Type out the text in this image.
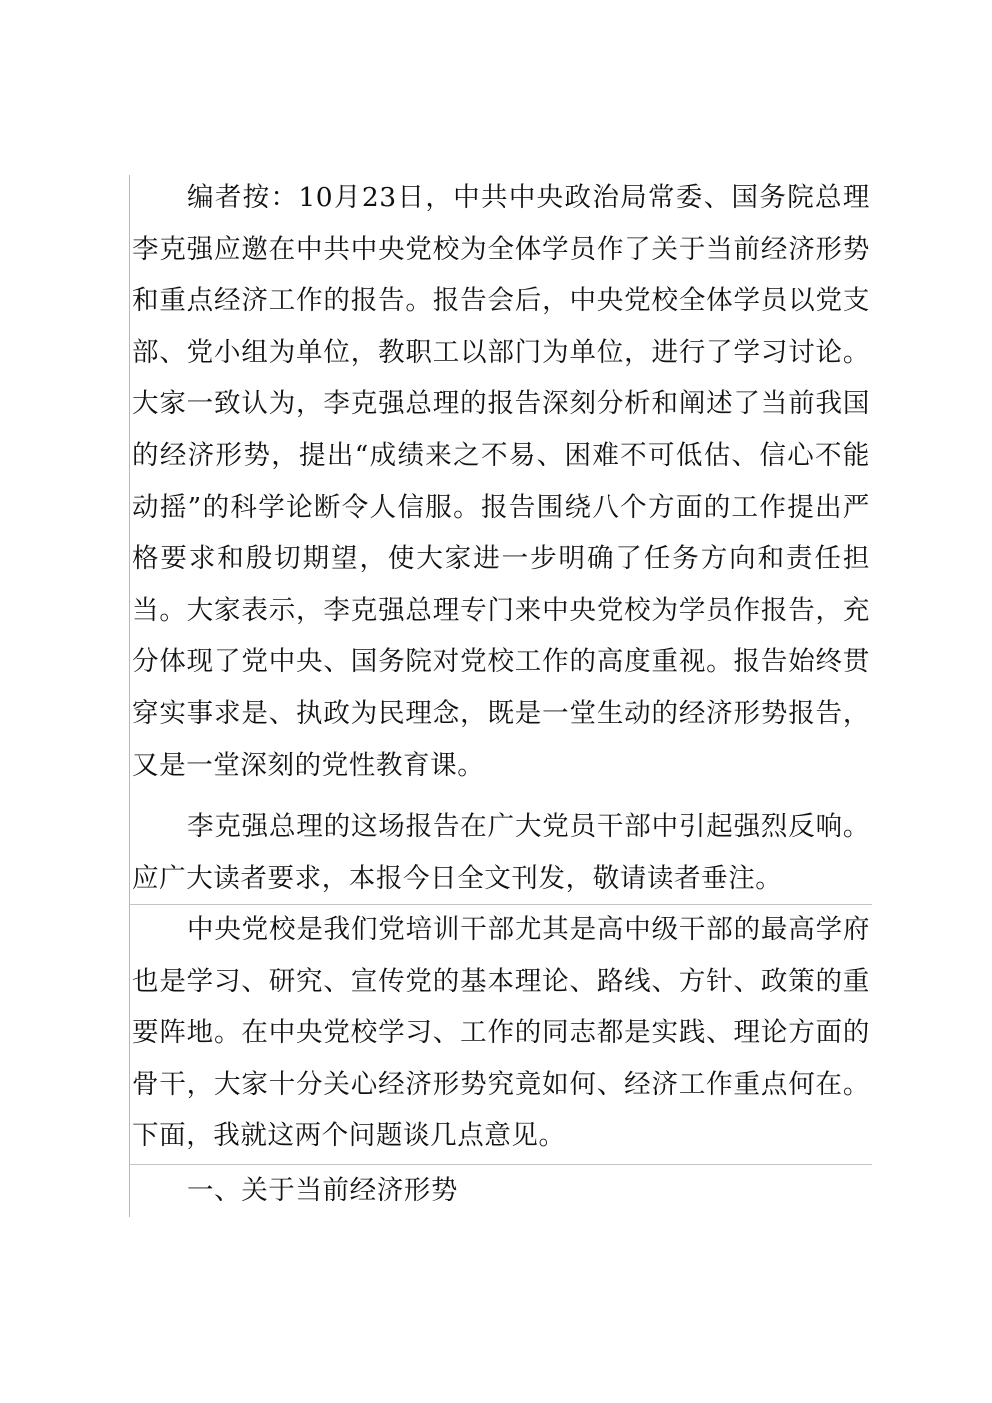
编者按：10月23日，中共中央政治局常委、国务院总理李克强应邀在中共中央党校为全体学员作了关于当前经济形势和重点经济工作的报告。报告会后，中央党校全体学员以党支部、党小组为单位，教职工以部门为单位，进行了学习讨论。大家一致认为，李克强总理的报告深刻分析和阐述了当前我国的经济形势，提出“成绩来之不易、困难不可低估、信心不能动摇”的科学论断令人信服。报告围绕八个方面的工作提出严格要求和殷切期望，使大家进一步明确了任务方向和责任担当。大家表示，李克强总理专门来中央党校为学员作报告，充分体现了党中央、国务院对党校工作的高度重视。报告始终贯穿实事求是、执政为民理念，既是一堂生动的经济形势报告，又是一堂深刻的党性教育课。

李克强总理的这场报告在广大党员干部中引起强烈反响。应广大读者要求，本报今日全文刊发，敬请读者垂注。

中央党校是我们党培训干部尤其是高中级干部的最高学府也是学习、研究、宣传党的基本理论、路线、方针、政策的重要阵地。在中央党校学习、工作的同志都是实践、理论方面的骨干，大家十分关心经济形势究竟如何、经济工作重点何在。下面，我就这两个问题谈几点意见。

一、关于当前经济形势
